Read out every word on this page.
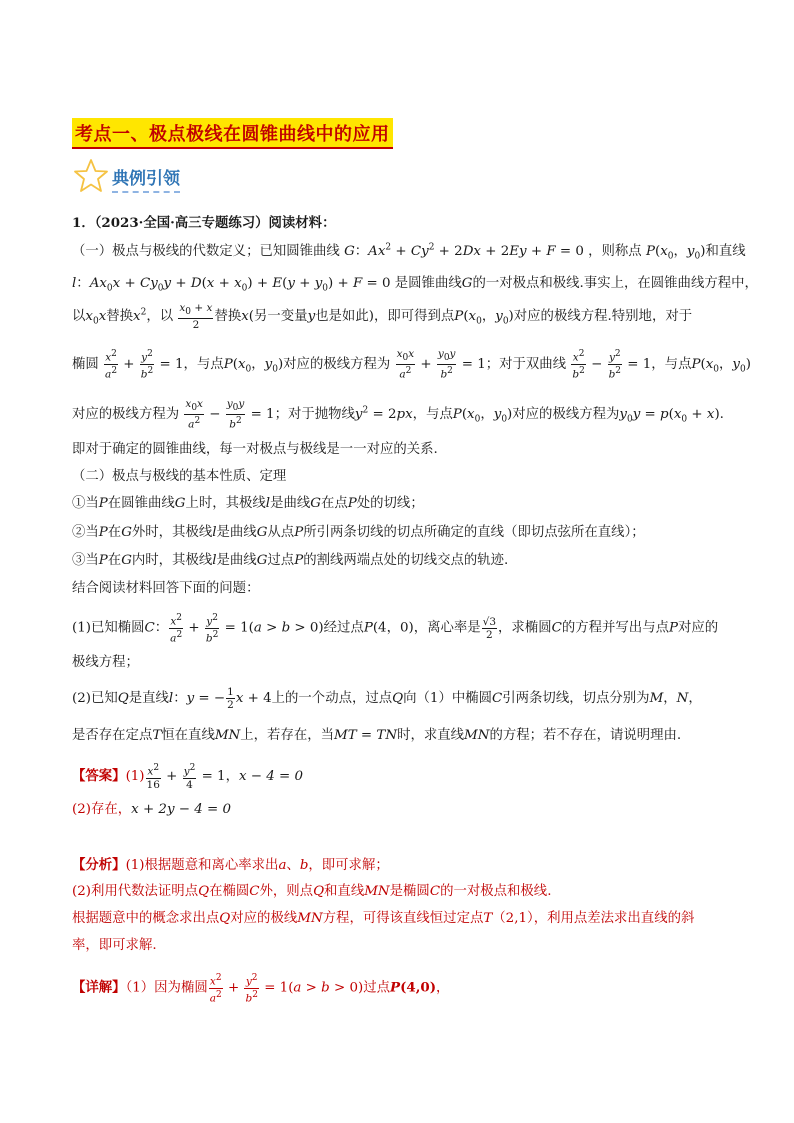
考点一、极点极线在圆锥曲线中的应用
典例引领
1．（2023·全国·高三专题练习）阅读材料：
（一）极点与极线的代数定义；已知圆锥曲线 G：$Ax^2 + Cy^2 + 2Dx + 2Ey + F = 0$ ，则称点 $P(x_0$，$y_0$)和直线
l：$Ax_0x + Cy_0y + D(x + x_0) + E(y + y_0) + F = 0$ 是圆锥曲线G的一对极点和极线.事实上，在圆锥曲线方程中，
以$x_0x$替换$x^2$，以 $\frac{x_0 + x}{2}$ 替换x(另一变量y也是如此)，即可得到点$P(x_0$，$y_0$)对应的极线方程.特别地，对于
椭圆 $\frac{x^2}{a^2} + \frac{y^2}{b^2} = 1$，与点$P(x_0$，$y_0$)对应的极线方程为 $\frac{x_0x}{a^2} + \frac{y_0y}{b^2} = 1$；对于双曲线 $\frac{x^2}{b^2} - \frac{y^2}{b^2} = 1$，与点$P(x_0$，$y_0$)
对应的极线方程为 $\frac{x_0x}{a^2} - \frac{y_0y}{b^2} = 1$；对于抛物线$y^2 = 2px$，与点$P(x_0$，$y_0$)对应的极线方程为$y_0y = p(x_0 + x)$.
即对于确定的圆锥曲线，每一对极点与极线是一一对应的关系.
（二）极点与极线的基本性质、定理
①当P在圆锥曲线G上时，其极线l是曲线G在点P处的切线；
②当P在G外时，其极线l是曲线G从点P所引两条切线的切点所确定的直线（即切点弦所在直线）；
③当P在G内时，其极线l是曲线G过点P的割线两端点处的切线交点的轨迹.
结合阅读材料回答下面的问题：
(1)已知椭圆C： $\frac{x^2}{a^2} + \frac{y^2}{b^2} = 1(a > b > 0)$经过点P(4，0)，离心率是 $\frac{√3}{2}$ ，求椭圆C的方程并写出与点P对应的
极线方程；
(2)已知Q是直线l：y = − $\frac{1}{2}$ x + 4上的一个动点，过点Q向（1）中椭圆C引两条切线，切点分别为M，N，
是否存在定点T恒在直线MN上，若存在，当MT = TN时，求直线MN的方程；若不存在，请说明理由.
【答案】$(1) \frac{x^2}{16} + \frac{y^2}{4} = 1$，x − 4 = 0
(2)存在，x + 2y − 4 = 0
【分析】(1)根据题意和离心率求出a、b，即可求解；
(2)利用代数法证明点Q在椭圆C外，则点Q和直线MN是椭圆C的一对极点和极线.
根据题意中的概念求出点Q对应的极线MN方程，可得该直线恒过定点T（2,1），利用点差法求出直线的斜
率，即可求解.
【详解】（1）因为椭圆 $\frac{x^2}{a^2} + \frac{y^2}{b^2} = 1(a > b > 0)$过点P(4,0)，
